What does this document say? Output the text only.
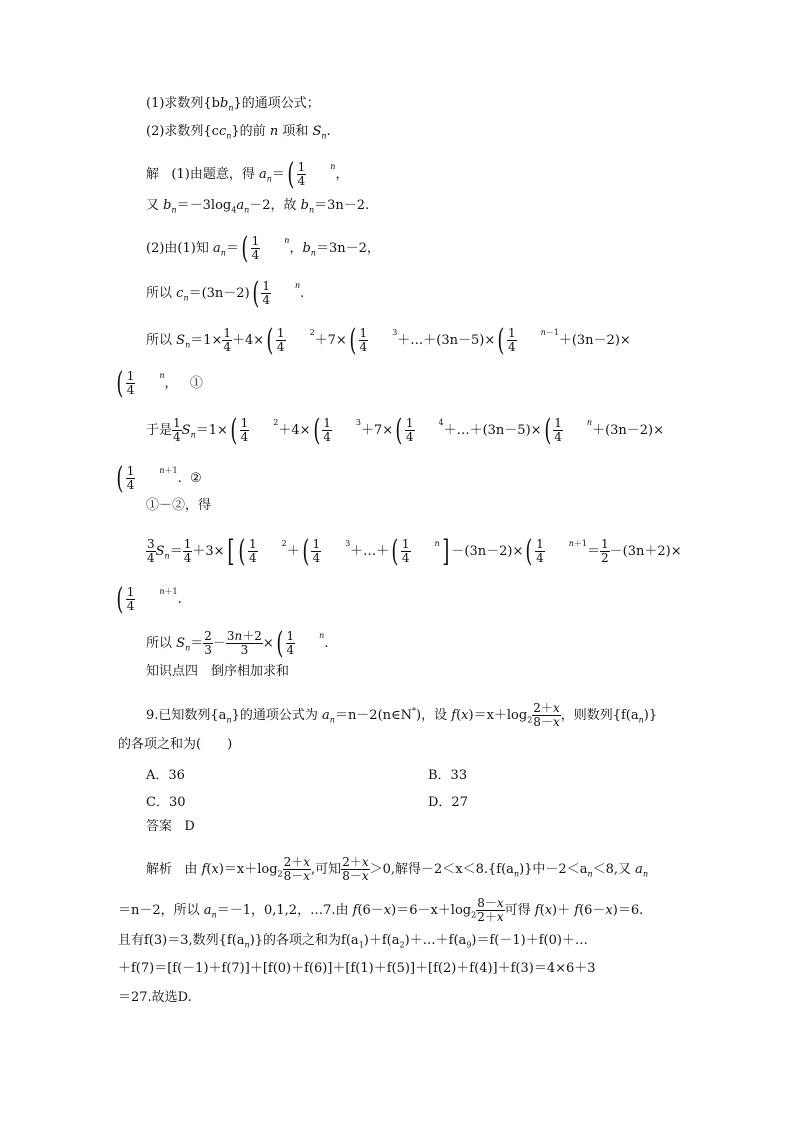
(1)求数列$\{bb_n\}$的通项公式；
(2)求数列$\{cc_n\}$的前 n 项和 $S_n$.
解 (1)由题意，得 $a_n=( \frac{1}{4}$	$^n$，
又 $b_n=-3\log_4a_n-2$，故 $b_n=3n-2$.
(2)由(1)知 $a_n=( \frac{1}{4}$	$^n$，$b_n=3n-2$，
所以 $c_n=(3n-2)( \frac{1}{4}$	$^n$.
所以 $S_n=1\times \frac{1}{4} +4\times( \frac{1}{4}$	$^2+7\times( \frac{1}{4}$	$^3$＋…＋(3n－5)×( $\frac{1}{4}$	$^{n-1}$＋(3n－2)×
( $\frac{1}{4}$	$^n$，   ①
于是 $\frac{1}{4} S_n=1\times( \frac{1}{4}$	$^2+4\times( \frac{1}{4}$	$^3+7\times( \frac{1}{4}$	$^4$＋…＋(3n－5)×( $\frac{1}{4}$	$^n$＋(3n－2)×
( $\frac{1}{4}$	$^{n+1}$.  ②
①－②，得
$\frac{3}{4} S_n= \frac{1}{4} +3\times$[ ( $\frac{1}{4}$	$^2+( \frac{1}{4}$	$^3$＋…＋( $\frac{1}{4}$	$^n] -(3n-2)\times( \frac{1}{4}$	$^{n+1}= \frac{1}{2} -(3n+2)\times$
( $\frac{1}{4}$	$^{n+1}$.
所以 $S_n= \frac{2}{3} - \frac{3n+2}{3}$ ×( $\frac{1}{4}$	$^n$.
知识点四　倒序相加求和
9.已知数列$\{a_n\}$的通项公式为 $a_n=n-2(n\in N^*)$，设 $f(x)=x+\log_2 \frac{2+x}{8-x}$ ，则数列$\{f(a_n)\}$
的各项之和为(　　)
A．36	B．33
C．30	D．27
答案 D
解析 由 $f(x)=x+\log_2 \frac{2+x}{8-x}$ ,可知 $\frac{2+x}{8-x} >0$,解得$-2<x<8.\{f(a_n)\}$中$-2<a_n<8$,又 $a_n$
＝n－2，所以 $a_n=-1$，0,1,2，…7.由 $f(6-x)=6-x+\log_2 \frac{8-x}{2+x}$ 可得 f(x)＋ f(6－x)＝6.
且有f(3)＝3,数列$\{f(a_n)\}$的各项之和为$f(a_1)+f(a_2)+\dots+f(a_9)=f(-1)+f(0)+\dots$
＋f(7)＝[f(－1)＋f(7)]＋[f(0)＋f(6)]＋[f(1)＋f(5)]＋[f(2)＋f(4)]＋f(3)＝4×6＋3
＝27.故选D.
